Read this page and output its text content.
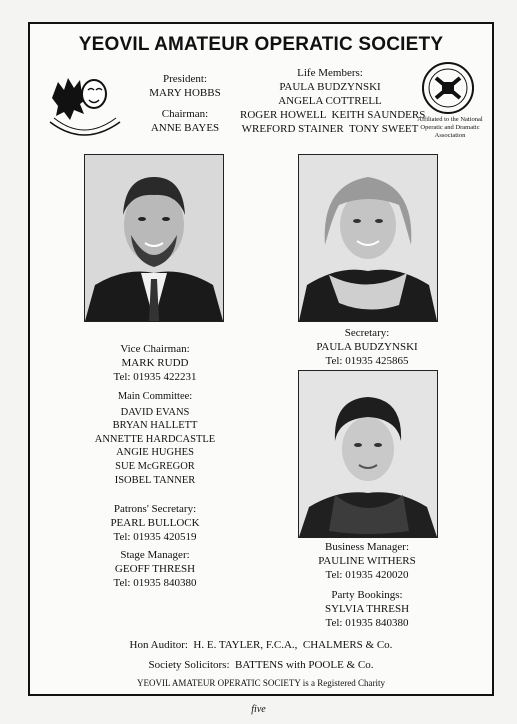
YEOVIL AMATEUR OPERATIC SOCIETY
President:
MARY HOBBS
Chairman:
ANNE BAYES
Life Members:
PAULA BUDZYNSKI
ANGELA COTTRELL
ROGER HOWELL  KEITH SAUNDERS
WREFORD STAINER  TONY SWEET
Affiliated to the National
Operatic and Dramatic
Association
Vice Chairman:
MARK RUDD
Tel: 01935 422231
Secretary:
PAULA BUDZYNSKI
Tel: 01935 425865
Main Committee:
DAVID EVANS
BRYAN HALLETT
ANNETTE HARDCASTLE
ANGIE HUGHES
SUE McGREGOR
ISOBEL TANNER
Patrons' Secretary:
PEARL BULLOCK
Tel: 01935 420519
Stage Manager:
GEOFF THRESH
Tel: 01935 840380
Business Manager:
PAULINE WITHERS
Tel: 01935 420020
Party Bookings:
SYLVIA THRESH
Tel: 01935 840380
Hon Auditor:  H. E. TAYLER, F.C.A.,  CHALMERS & Co.
Society Solicitors:  BATTENS with POOLE & Co.
YEOVIL AMATEUR OPERATIC SOCIETY is a Registered Charity
five
